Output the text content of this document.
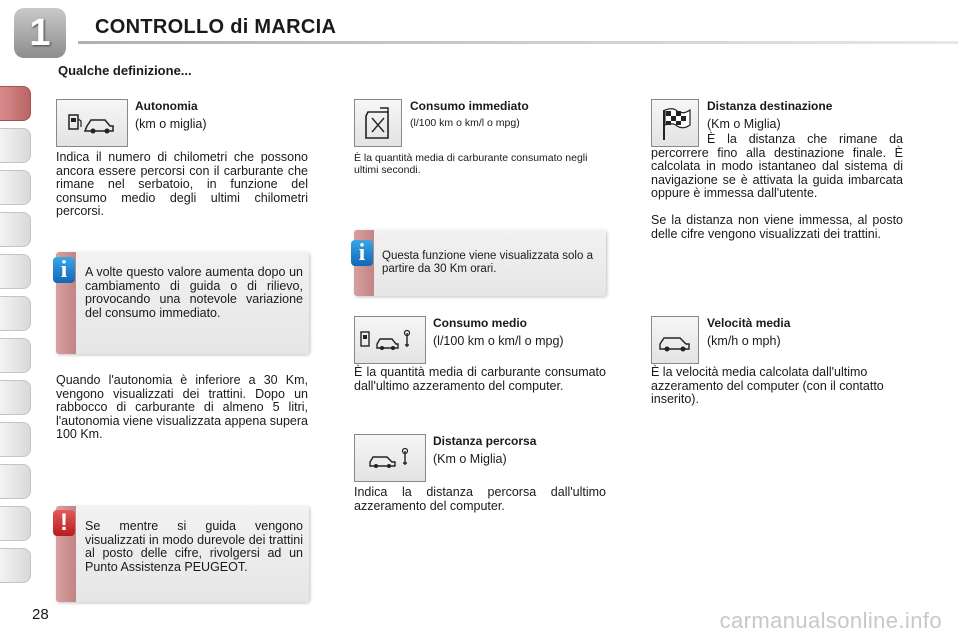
1	CONTROLLO di MARCIA
Qualche definizione...
Autonomia
(km o miglia)
Indica il numero di chilometri che possono ancora essere percorsi con il carburante che rimane nel serbatoio, in funzione del consumo medio degli ultimi chilometri percorsi.
A volte questo valore aumenta dopo un cambiamento di guida o di rilievo, provocando una notevole variazione del consumo immediato.
i
Quando l'autonomia è inferiore a 30 Km, vengono visualizzati dei trattini. Dopo un rabbocco di carburante di almeno 5 litri, l'autonomia viene visualizzata appena supera 100 Km.
Se mentre si guida vengono visualizzati in modo durevole dei trattini al posto delle cifre, rivolgersi ad un Punto Assistenza PEUGEOT.
!
Consumo immediato
(l/100 km o km/l o mpg)
È la quantità media di carburante consumato negli ultimi secondi.
Questa funzione viene visualizzata solo a partire da 30 Km orari.
i
Consumo medio
(l/100 km o km/l o mpg)
È la quantità media di carburante consumato dall'ultimo azzeramento del computer.
Distanza percorsa
(Km o Miglia)
Indica la distanza percorsa dall'ultimo azzeramento del computer.
Distanza destinazione
(Km o Miglia)
È la distanza che rimane da percorrere fino alla destinazione finale. È calcolata in modo istantaneo dal sistema di navigazione se è attivata la guida imbarcata oppure è immessa dall'utente.
Se la distanza non viene immessa, al posto delle cifre vengono visualizzati dei trattini.
Velocità media
(km/h o mph)
È la velocità media calcolata dall'ultimo azzeramento del computer (con il contatto inserito).
28	carmanualsonline.info
